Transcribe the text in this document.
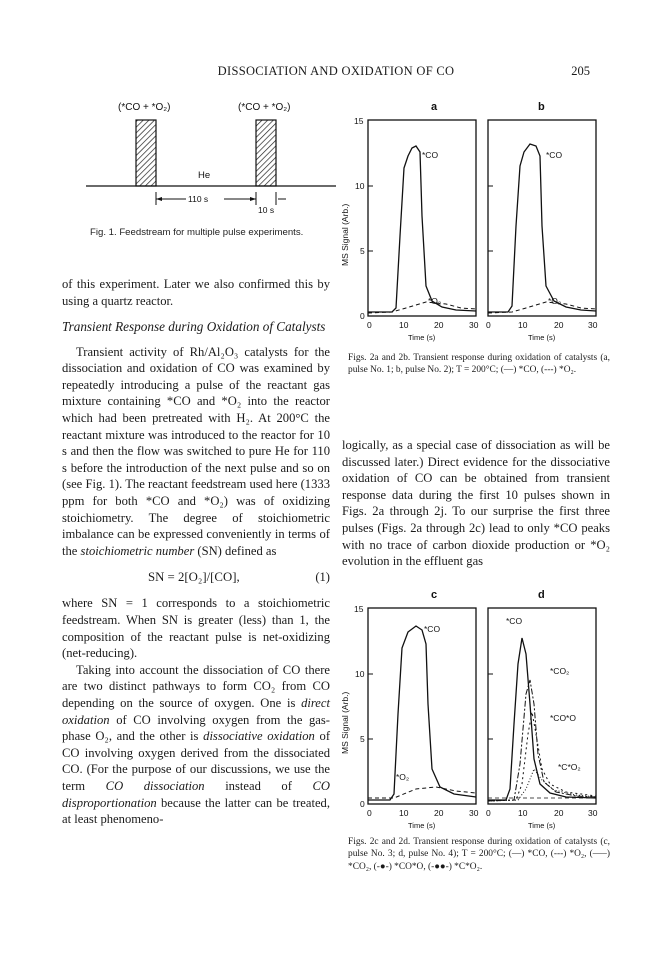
DISSOCIATION AND OXIDATION OF CO	205
(*CO + *O₂)	(*CO + *O₂)
He
110 s
10 s
Fig. 1. Feedstream for multiple pulse experiments.

of this experiment. Later we also confirmed this by using a quartz reactor.

Transient Response during Oxidation of Catalysts

Transient activity of Rh/Al₂O₃ catalysts for the dissociation and oxidation of CO was examined by repeatedly introducing a pulse of the reactant gas mixture containing *CO and *O₂ into the reactor which had been pretreated with H₂. At 200°C the reactant mixture was introduced to the reactor for 10 s and then the flow was switched to pure He for 110 s before the introduction of the next pulse and so on (see Fig. 1). The reactant feedstream used here (1333 ppm for both *CO and *O₂) was of oxidizing stoichiometry. The degree of stoichiometric imbalance can be expressed conveniently in terms of the stoichiometric number (SN) defined as

SN = 2[O₂]/[CO],	(1)

where SN = 1 corresponds to a stoichiometric feedstream. When SN is greater (less) than 1, the composition of the reactant pulse is net-oxidizing (net-reducing).

Taking into account the dissociation of CO there are two distinct pathways to form CO₂ from CO depending on the source of oxygen. One is direct oxidation of CO involving oxygen from the gas-phase O₂, and the other is dissociative oxidation of CO involving oxygen derived from the dissociated CO. (For the purpose of our discussions, we use the term CO dissociation instead of CO disproportionation because the latter can be treated, at least phenomeno-

a	b
15
10
5
0
MS Signal (Arb.)
0	10	20	30 0	10	20	30
Time (s)	Time (s)
*CO
*O₂
*CO
*O₂
Figs. 2a and 2b. Transient response during oxidation of catalysts (a, pulse No. 1; b, pulse No. 2); T = 200°C; (—) *CO, (---) *O₂.

logically, as a special case of dissociation as will be discussed later.) Direct evidence for the dissociative oxidation of CO can be obtained from transient response data during the first 10 pulses shown in Figs. 2a through 2j. To our surprise the first three pulses (Figs. 2a through 2c) lead to only *CO peaks with no trace of carbon dioxide production or *O₂ evolution in the effluent gas

c	d
15
10
5
0
MS Signal (Arb.)
0	10	20	30 0	10	20	30
Time (s)	Time (s)
*CO
*O₂
*CO
*CO₂
*CO*O
*C*O₂
Figs. 2c and 2d. Transient response during oxidation of catalysts (c, pulse No. 3; d, pulse No. 4); T = 200°C; (—) *CO, (---) *O₂, (—–) *CO₂, (-●-) *CO*O, (-●●-) *C*O₂.
